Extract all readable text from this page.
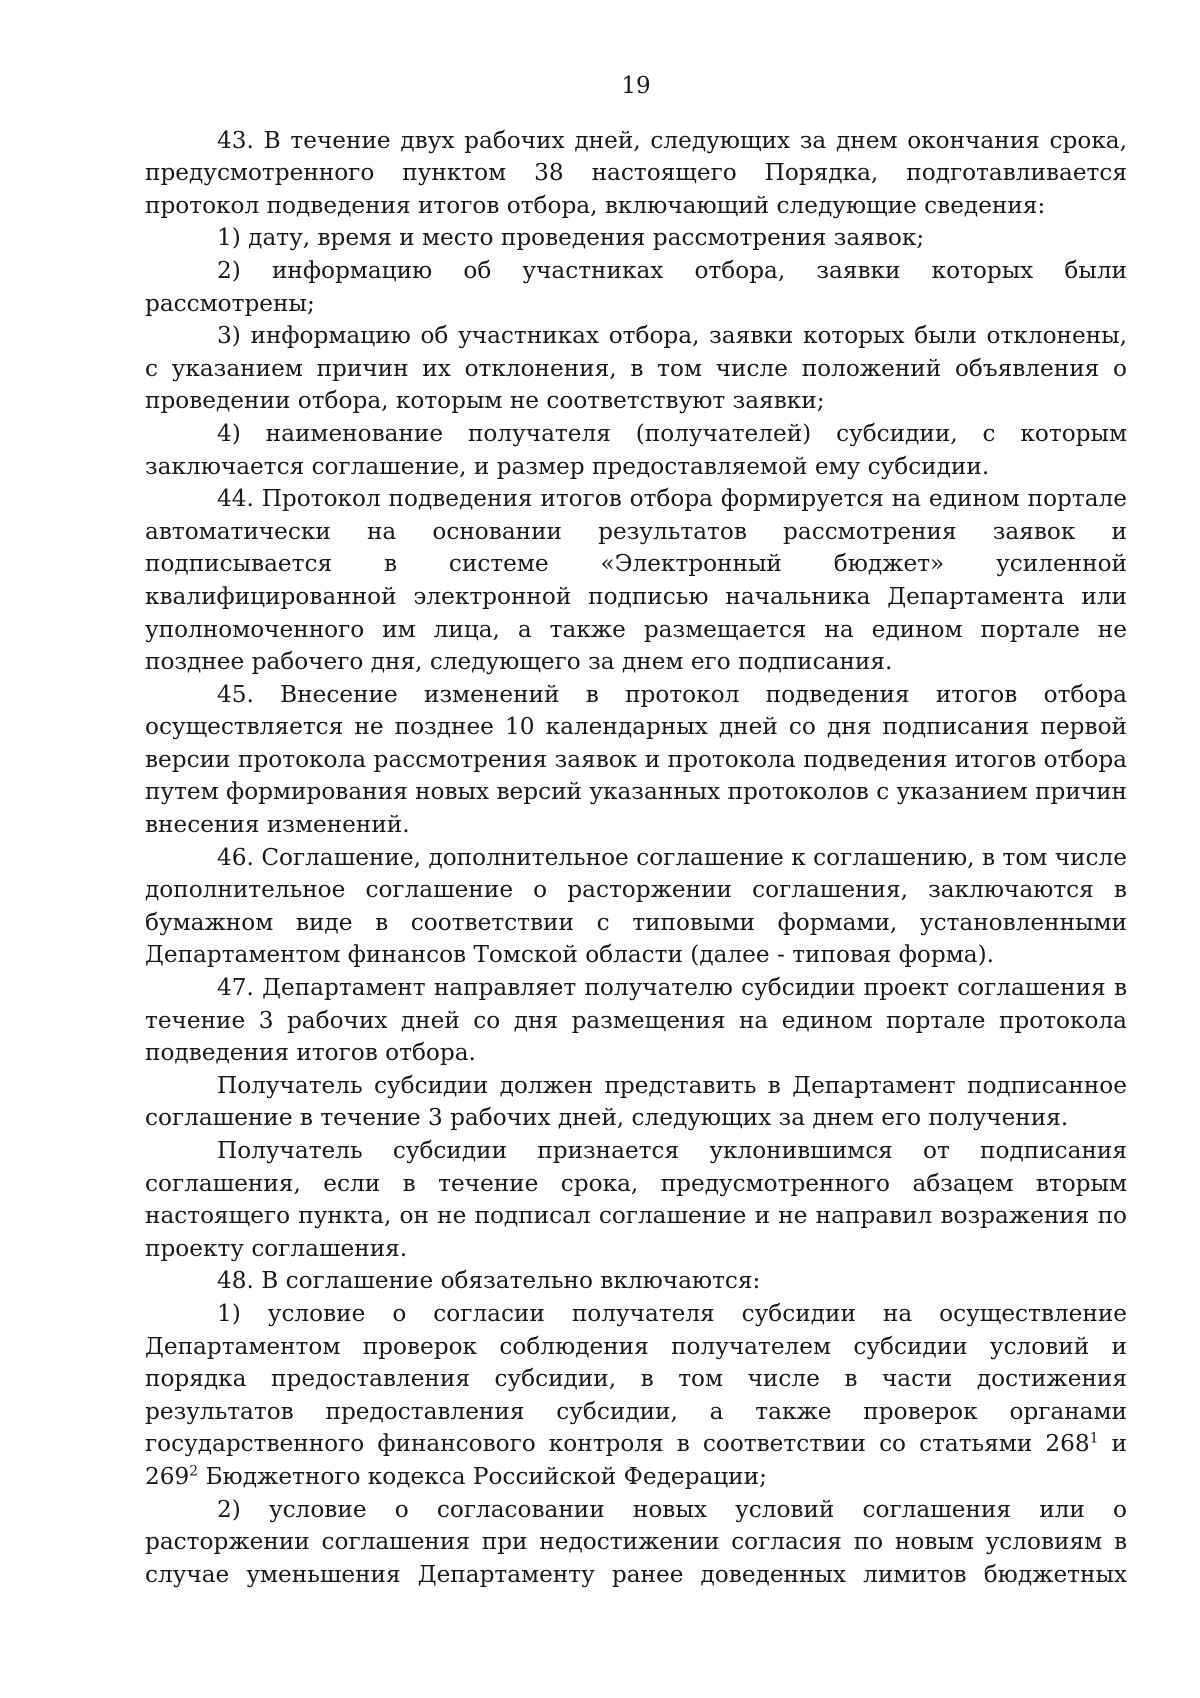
19

43. В течение двух рабочих дней, следующих за днем окончания срока, предусмотренного пунктом 38 настоящего Порядка, подготавливается протокол подведения итогов отбора, включающий следующие сведения:

1) дату, время и место проведения рассмотрения заявок;

2) информацию об участниках отбора, заявки которых были рассмотрены;

3) информацию об участниках отбора, заявки которых были отклонены, с указанием причин их отклонения, в том числе положений объявления о проведении отбора, которым не соответствуют заявки;

4) наименование получателя (получателей) субсидии, с которым заключается соглашение, и размер предоставляемой ему субсидии.

44. Протокол подведения итогов отбора формируется на едином портале автоматически на основании результатов рассмотрения заявок и подписывается в системе «Электронный бюджет» усиленной квалифицированной электронной подписью начальника Департамента или уполномоченного им лица, а также размещается на едином портале не позднее рабочего дня, следующего за днем его подписания.

45. Внесение изменений в протокол подведения итогов отбора осуществляется не позднее 10 календарных дней со дня подписания первой версии протокола рассмотрения заявок и протокола подведения итогов отбора путем формирования новых версий указанных протоколов с указанием причин внесения изменений.

46. Соглашение, дополнительное соглашение к соглашению, в том числе дополнительное соглашение о расторжении соглашения, заключаются в бумажном виде в соответствии с типовыми формами, установленными Департаментом финансов Томской области (далее - типовая форма).

47. Департамент направляет получателю субсидии проект соглашения в течение 3 рабочих дней со дня размещения на едином портале протокола подведения итогов отбора.

Получатель субсидии должен представить в Департамент подписанное соглашение в течение 3 рабочих дней, следующих за днем его получения.

Получатель субсидии признается уклонившимся от подписания соглашения, если в течение срока, предусмотренного абзацем вторым настоящего пункта, он не подписал соглашение и не направил возражения по проекту соглашения.

48. В соглашение обязательно включаются:

1) условие о согласии получателя субсидии на осуществление Департаментом проверок соблюдения получателем субсидии условий и порядка предоставления субсидии, в том числе в части достижения результатов предоставления субсидии, а также проверок органами государственного финансового контроля в соответствии со статьями $268^1$ и $269^2$ Бюджетного кодекса Российской Федерации;

2) условие о согласовании новых условий соглашения или о расторжении соглашения при недостижении согласия по новым условиям в случае уменьшения Департаменту ранее доведенных лимитов бюджетных
